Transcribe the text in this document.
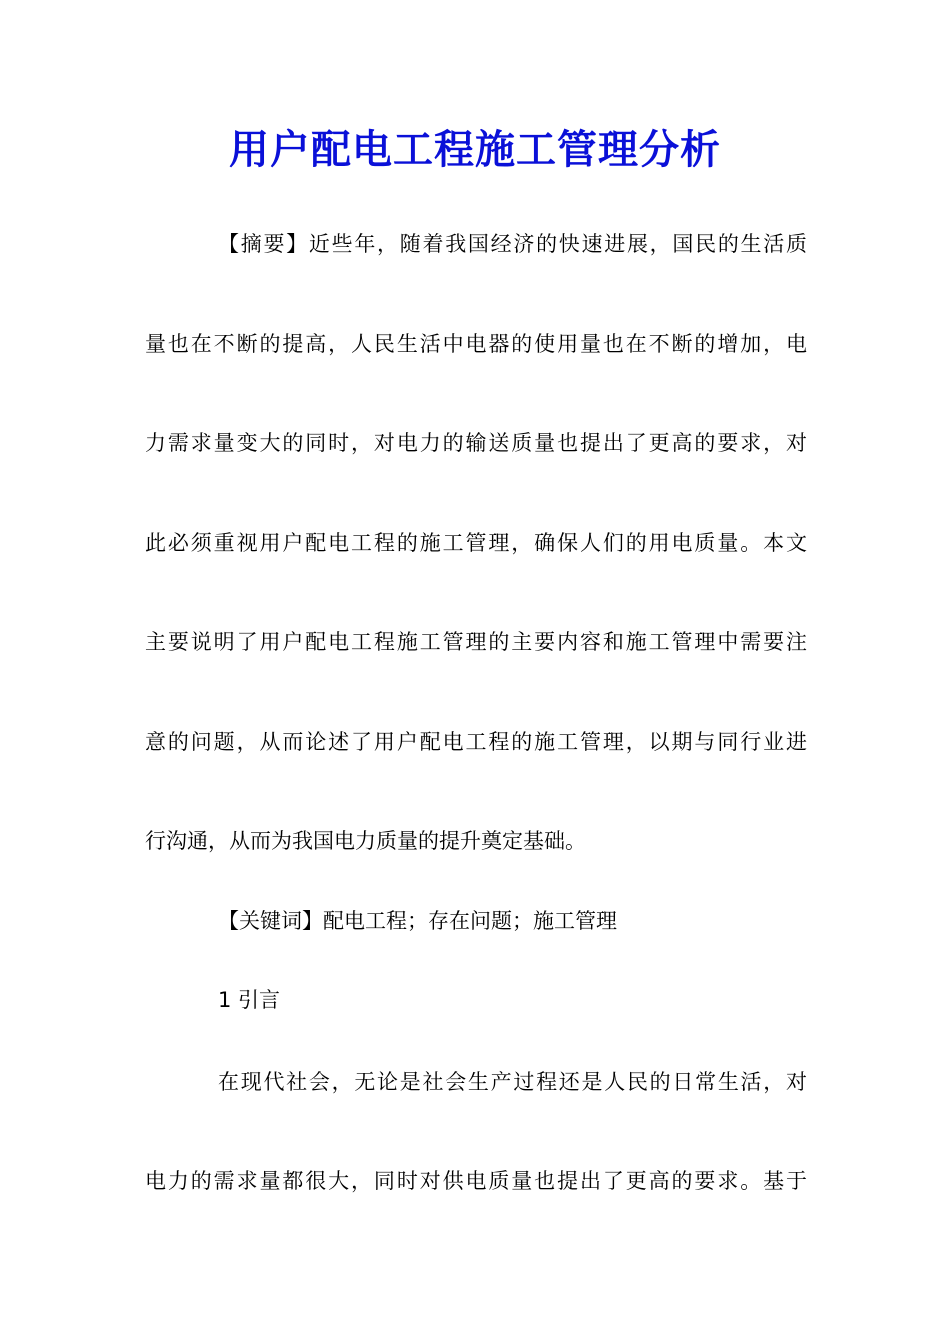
用户配电工程施工管理分析
【摘要】近些年，随着我国经济的快速进展，国民的生活质
量也在不断的提高，人民生活中电器的使用量也在不断的增加，电
力需求量变大的同时，对电力的输送质量也提出了更高的要求，对
此必须重视用户配电工程的施工管理，确保人们的用电质量。本文
主要说明了用户配电工程施工管理的主要内容和施工管理中需要注
意的问题，从而论述了用户配电工程的施工管理，以期与同行业进
行沟通，从而为我国电力质量的提升奠定基础。
【关键词】配电工程；存在问题；施工管理
1 引言
在现代社会，无论是社会生产过程还是人民的日常生活，对
电力的需求量都很大，同时对供电质量也提出了更高的要求。基于
